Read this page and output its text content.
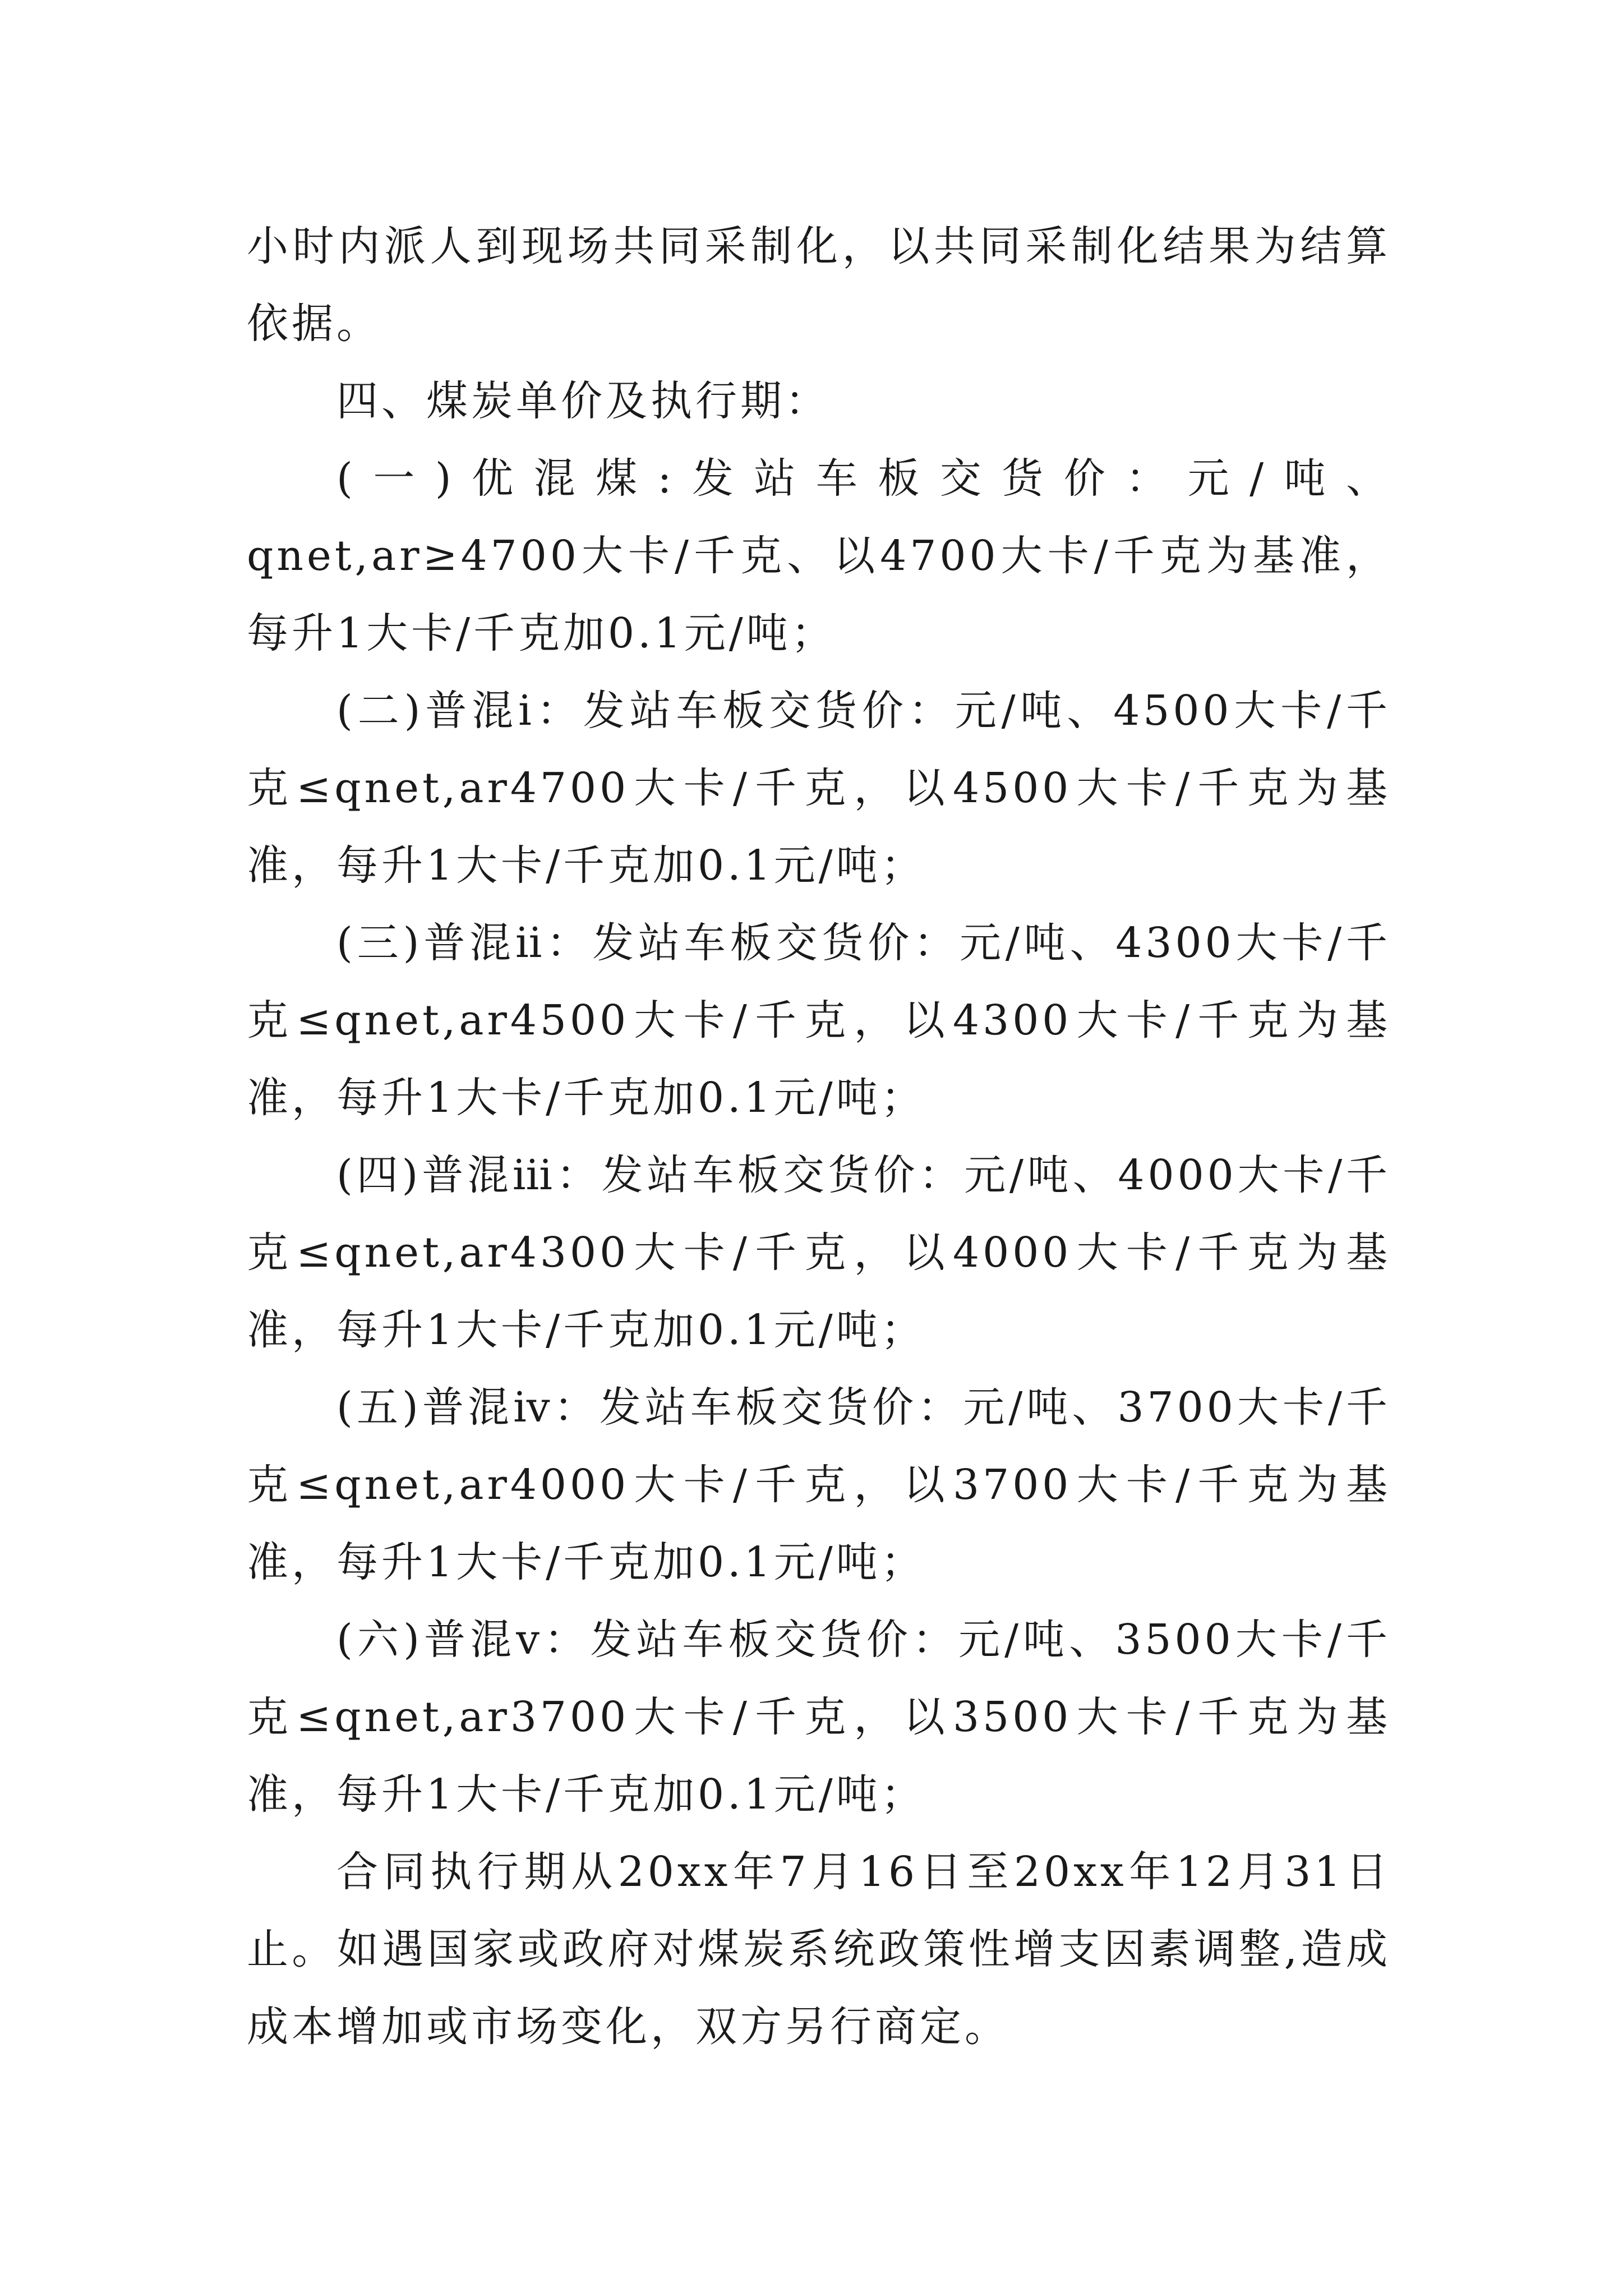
小时内派人到现场共同采制化，以共同采制化结果为结算依据。

四、煤炭单价及执行期：

(一)优混煤:发站车板交货价：元/吨、qnet,ar≥4700大卡/千克、以4700大卡/千克为基准，每升1大卡/千克加0.1元/吨；

(二)普混ⅰ：发站车板交货价：元/吨、4500大卡/千克≤qnet,ar4700大卡/千克，以4500大卡/千克为基准，每升1大卡/千克加0.1元/吨；

(三)普混ⅱ：发站车板交货价：元/吨、4300大卡/千克≤qnet,ar4500大卡/千克，以4300大卡/千克为基准，每升1大卡/千克加0.1元/吨；

(四)普混ⅲ：发站车板交货价：元/吨、4000大卡/千克≤qnet,ar4300大卡/千克，以4000大卡/千克为基准，每升1大卡/千克加0.1元/吨；

(五)普混ⅳ：发站车板交货价：元/吨、3700大卡/千克≤qnet,ar4000大卡/千克，以3700大卡/千克为基准，每升1大卡/千克加0.1元/吨；

(六)普混ⅴ：发站车板交货价：元/吨、3500大卡/千克≤qnet,ar3700大卡/千克，以3500大卡/千克为基准，每升1大卡/千克加0.1元/吨；

合同执行期从20xx年7月16日至20xx年12月31日止。如遇国家或政府对煤炭系统政策性增支因素调整,造成成本增加或市场变化，双方另行商定。
